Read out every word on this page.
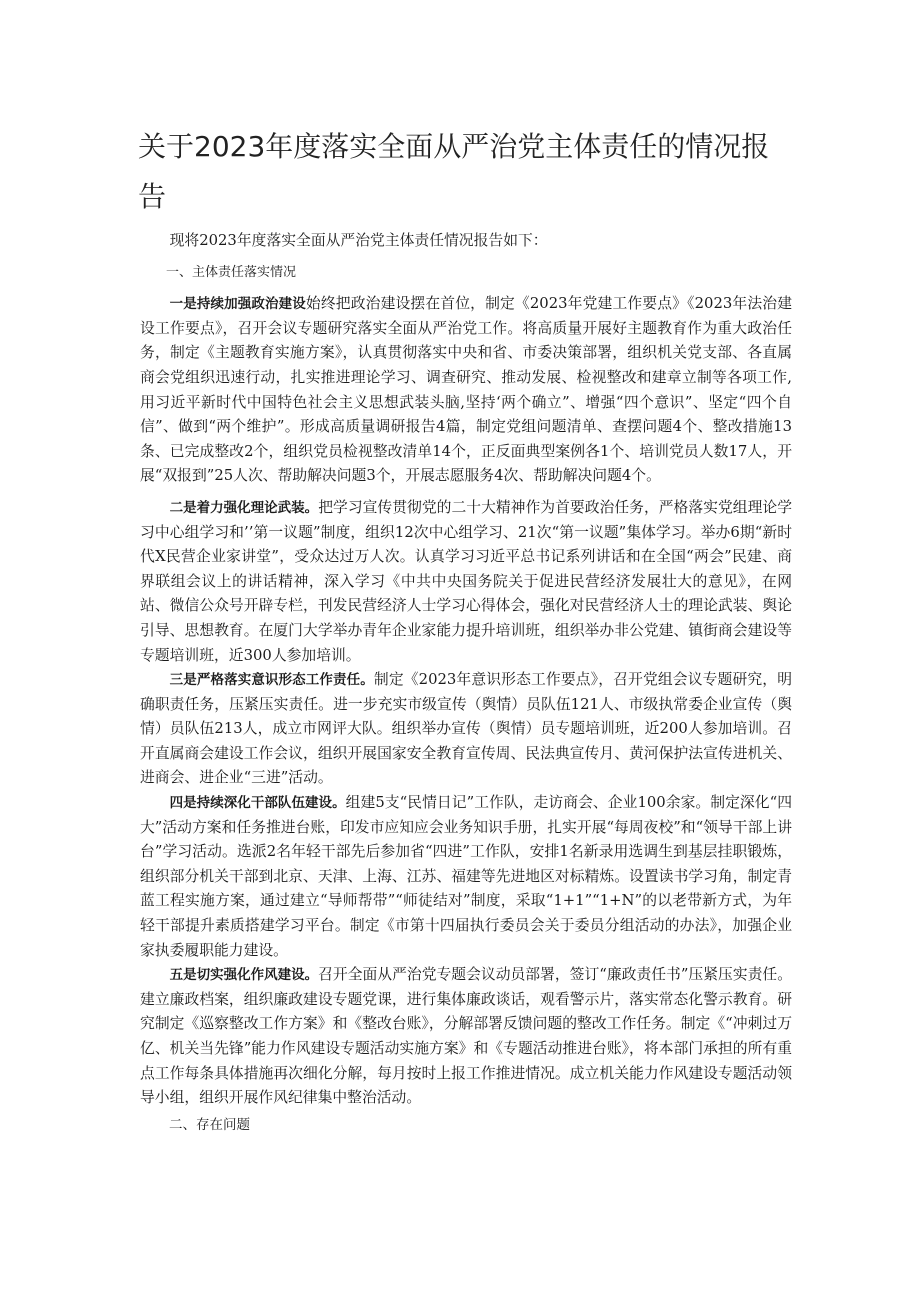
关于2023年度落实全面从严治党主体责任的情况报告

现将2023年度落实全面从严治党主体责任情况报告如下：

一、主体责任落实情况

一是持续加强政治建设始终把政治建设摆在首位，制定《2023年党建工作要点》《2023年法治建设工作要点》，召开会议专题研究落实全面从严治党工作。将高质量开展好主题教育作为重大政治任务，制定《主题教育实施方案》，认真贯彻落实中央和省、市委决策部署，组织机关党支部、各直属商会党组织迅速行动，扎实推进理论学习、调查研究、推动发展、检视整改和建章立制等各项工作,用习近平新时代中国特色社会主义思想武装头脑,坚持‘两个确立”、增强“四个意识”、坚定“四个自信”、做到“两个维护”。形成高质量调研报告4篇，制定党组问题清单、查摆问题4个、整改措施13条、已完成整改2个，组织党员检视整改清单14个，正反面典型案例各1个、培训党员人数17人，开展“双报到”25人次、帮助解决问题3个，开展志愿服务4次、帮助解决问题4个。

二是着力强化理论武装。把学习宣传贯彻党的二十大精神作为首要政治任务，严格落实党组理论学习中心组学习和’’第一议题”制度，组织12次中心组学习、21次“第一议题”集体学习。举办6期“新时代X民营企业家讲堂”，受众达过万人次。认真学习习近平总书记系列讲话和在全国“两会”民建、商界联组会议上的讲话精神，深入学习《中共中央国务院关于促进民营经济发展壮大的意见》，在网站、微信公众号开辟专栏，刊发民营经济人士学习心得体会，强化对民营经济人士的理论武装、舆论引导、思想教育。在厦门大学举办青年企业家能力提升培训班，组织举办非公党建、镇街商会建设等专题培训班，近300人参加培训。

三是严格落实意识形态工作责任。制定《2023年意识形态工作要点》，召开党组会议专题研究，明确职责任务，压紧压实责任。进一步充实市级宣传（舆情）员队伍121人、市级执常委企业宣传（舆情）员队伍213人，成立市网评大队。组织举办宣传（舆情）员专题培训班，近200人参加培训。召开直属商会建设工作会议，组织开展国家安全教育宣传周、民法典宣传月、黄河保护法宣传进机关、进商会、进企业“三进”活动。

四是持续深化干部队伍建设。组建5支“民情日记”工作队，走访商会、企业100余家。制定深化“四大”活动方案和任务推进台账，印发市应知应会业务知识手册，扎实开展“每周夜校”和“领导干部上讲台”学习活动。选派2名年轻干部先后参加省“四进”工作队，安排1名新录用选调生到基层挂职锻炼，组织部分机关干部到北京、天津、上海、江苏、福建等先进地区对标精炼。设置读书学习角，制定青蓝工程实施方案，通过建立“导师帮带”“师徒结对”制度，采取“1+1”“1+N”的以老带新方式，为年轻干部提升素质搭建学习平台。制定《市第十四届执行委员会关于委员分组活动的办法》，加强企业家执委履职能力建设。

五是切实强化作风建设。召开全面从严治党专题会议动员部署，签订“廉政责任书”压紧压实责任。建立廉政档案，组织廉政建设专题党课，进行集体廉政谈话，观看警示片，落实常态化警示教育。研究制定《巡察整改工作方案》和《整改台账》，分解部署反馈问题的整改工作任务。制定《“冲刺过万亿、机关当先锋”能力作风建设专题活动实施方案》和《专题活动推进台账》，将本部门承担的所有重点工作每条具体措施再次细化分解，每月按时上报工作推进情况。成立机关能力作风建设专题活动领导小组，组织开展作风纪律集中整治活动。

二、存在问题
